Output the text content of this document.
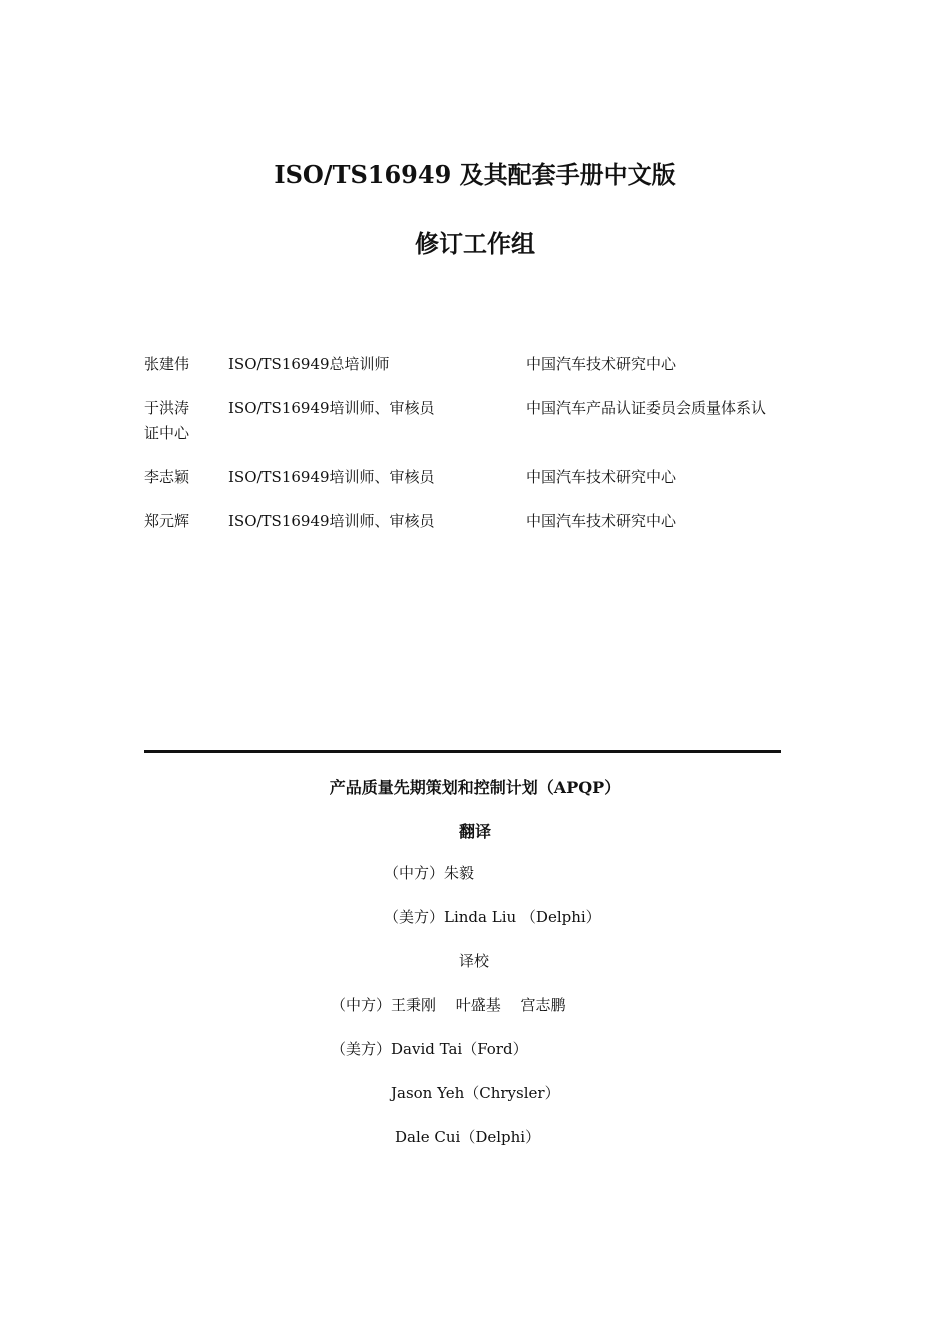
ISO/TS16949 及其配套手册中文版
修订工作组
张建伟	ISO/TS16949总培训师	中国汽车技术研究中心
于洪涛	ISO/TS16949培训师、审核员	中国汽车产品认证委员会质量体系认
证中心
李志颖	ISO/TS16949培训师、审核员	中国汽车技术研究中心
郑元辉	ISO/TS16949培训师、审核员	中国汽车技术研究中心
产品质量先期策划和控制计划（APQP）
翻译
（中方）朱毅
（美方）Linda Liu （Delphi）
译校
（中方）王秉刚　 叶盛基　 宫志鹏
（美方）David Tai（Ford）
Jason Yeh（Chrysler）
Dale Cui（Delphi）
